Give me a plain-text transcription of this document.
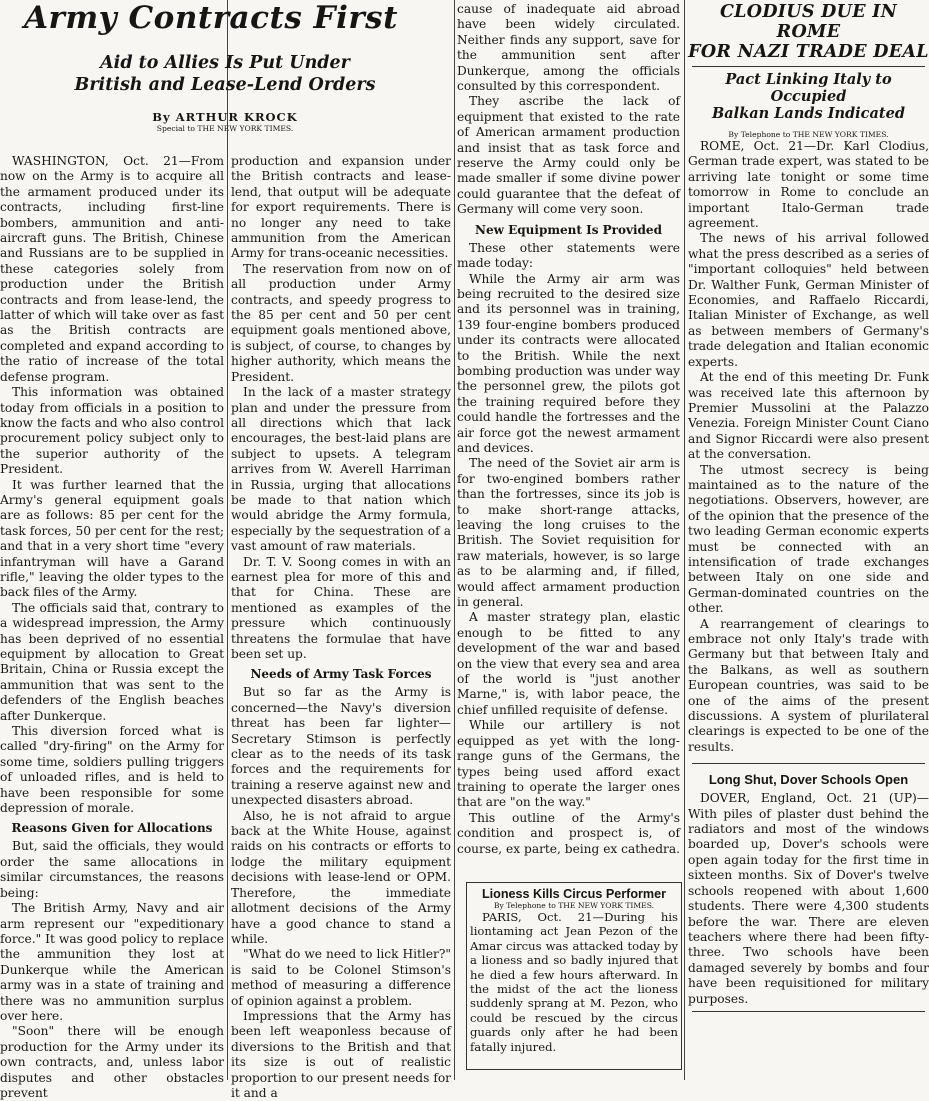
Army Contracts First
Aid to Allies Is Put Under
British and Lease-Lend Orders
By ARTHUR KROCK
Special to THE NEW YORK TIMES.

WASHINGTON, Oct. 21—From now on the Army is to acquire all the armament produced under its contracts, including first-line bombers, ammunition and anti-aircraft guns. The British, Chinese and Russians are to be supplied in these categories solely from production under the British contracts and from lease-lend, the latter of which will take over as fast as the British contracts are completed and expand according to the ratio of increase of the total defense program.

This information was obtained today from officials in a position to know the facts and who also control procurement policy subject only to the superior authority of the President.

It was further learned that the Army's general equipment goals are as follows: 85 per cent for the task forces, 50 per cent for the rest; and that in a very short time "every infantryman will have a Garand rifle," leaving the older types to the back files of the Army.

The officials said that, contrary to a widespread impression, the Army has been deprived of no essential equipment by allocation to Great Britain, China or Russia except the ammunition that was sent to the defenders of the English beaches after Dunkerque.

This diversion forced what is called "dry-firing" on the Army for some time, soldiers pulling triggers of unloaded rifles, and is held to have been responsible for some depression of morale.

Reasons Given for Allocations

But, said the officials, they would order the same allocations in similar circumstances, the reasons being:

The British Army, Navy and air arm represent our "expeditionary force." It was good policy to replace the ammunition they lost at Dunkerque while the American army was in a state of training and there was no ammunition surplus over here.

"Soon" there will be enough production for the Army under its own contracts, and, unless labor disputes and other obstacles prevent

production and expansion under the British contracts and lease-lend, that output will be adequate for export requirements. There is no longer any need to take ammunition from the American Army for trans-oceanic necessities.

The reservation from now on of all production under Army contracts, and speedy progress to the 85 per cent and 50 per cent equipment goals mentioned above, is subject, of course, to changes by higher authority, which means the President.

In the lack of a master strategy plan and under the pressure from all directions which that lack encourages, the best-laid plans are subject to upsets. A telegram arrives from W. Averell Harriman in Russia, urging that allocations be made to that nation which would abridge the Army formula, especially by the sequestration of a vast amount of raw materials.

Dr. T. V. Soong comes in with an earnest plea for more of this and that for China. These are mentioned as examples of the pressure which continuously threatens the formulae that have been set up.

Needs of Army Task Forces

But so far as the Army is concerned—the Navy's diversion threat has been far lighter—Secretary Stimson is perfectly clear as to the needs of its task forces and the requirements for training a reserve against new and unexpected disasters abroad.

Also, he is not afraid to argue back at the White House, against raids on his contracts or efforts to lodge the military equipment decisions with lease-lend or OPM. Therefore, the immediate allotment decisions of the Army have a good chance to stand a while.

"What do we need to lick Hitler?" is said to be Colonel Stimson's method of measuring a difference of opinion against a problem.

Impressions that the Army has been left weaponless because of diversions to the British and that its size is out of realistic proportion to our present needs for it and a

cause of inadequate aid abroad have been widely circulated. Neither finds any support, save for the ammunition sent after Dunkerque, among the officials consulted by this correspondent.

They ascribe the lack of equipment that existed to the rate of American armament production and insist that as task force and reserve the Army could only be made smaller if some divine power could guarantee that the defeat of Germany will come very soon.

New Equipment Is Provided

These other statements were made today:

While the Army air arm was being recruited to the desired size and its personnel was in training, 139 four-engine bombers produced under its contracts were allocated to the British. While the next bombing production was under way the personnel grew, the pilots got the training required before they could handle the fortresses and the air force got the newest armament and devices.

The need of the Soviet air arm is for two-engined bombers rather than the fortresses, since its job is to make short-range attacks, leaving the long cruises to the British. The Soviet requisition for raw materials, however, is so large as to be alarming and, if filled, would affect armament production in general.

A master strategy plan, elastic enough to be fitted to any development of the war and based on the view that every sea and area of the world is "just another Marne," is, with labor peace, the chief unfilled requisite of defense.

While our artillery is not equipped as yet with the long-range guns of the Germans, the types being used afford exact training to operate the larger ones that are "on the way."

This outline of the Army's condition and prospect is, of course, ex parte, being ex cathedra.

Lioness Kills Circus Performer
By Telephone to THE NEW YORK TIMES.

PARIS, Oct. 21—During his liontaming act Jean Pezon of the Amar circus was attacked today by a lioness and so badly injured that he died a few hours afterward. In the midst of the act the lioness suddenly sprang at M. Pezon, who could be rescued by the circus guards only after he had been fatally injured.

CLODIUS DUE IN ROME
FOR NAZI TRADE DEAL
Pact Linking Italy to Occupied
Balkan Lands Indicated
By Telephone to THE NEW YORK TIMES.

ROME, Oct. 21—Dr. Karl Clodius, German trade expert, was stated to be arriving late tonight or some time tomorrow in Rome to conclude an important Italo-German trade agreement.

The news of his arrival followed what the press described as a series of "important colloquies" held between Dr. Walther Funk, German Minister of Economies, and Raffaelo Riccardi, Italian Minister of Exchange, as well as between members of Germany's trade delegation and Italian economic experts.

At the end of this meeting Dr. Funk was received late this afternoon by Premier Mussolini at the Palazzo Venezia. Foreign Minister Count Ciano and Signor Riccardi were also present at the conversation.

The utmost secrecy is being maintained as to the nature of the negotiations. Observers, however, are of the opinion that the presence of the two leading German economic experts must be connected with an intensification of trade exchanges between Italy on one side and German-dominated countries on the other.

A rearrangement of clearings to embrace not only Italy's trade with Germany but that between Italy and the Balkans, as well as southern European countries, was said to be one of the aims of the present discussions. A system of plurilateral clearings is expected to be one of the results.

Long Shut, Dover Schools Open

DOVER, England, Oct. 21 (UP)—With piles of plaster dust behind the radiators and most of the windows boarded up, Dover's schools were open again today for the first time in sixteen months. Six of Dover's twelve schools reopened with about 1,600 students. There were 4,300 students before the war. There are eleven teachers where there had been fifty-three. Two schools have been damaged severely by bombs and four have been requisitioned for military purposes.
